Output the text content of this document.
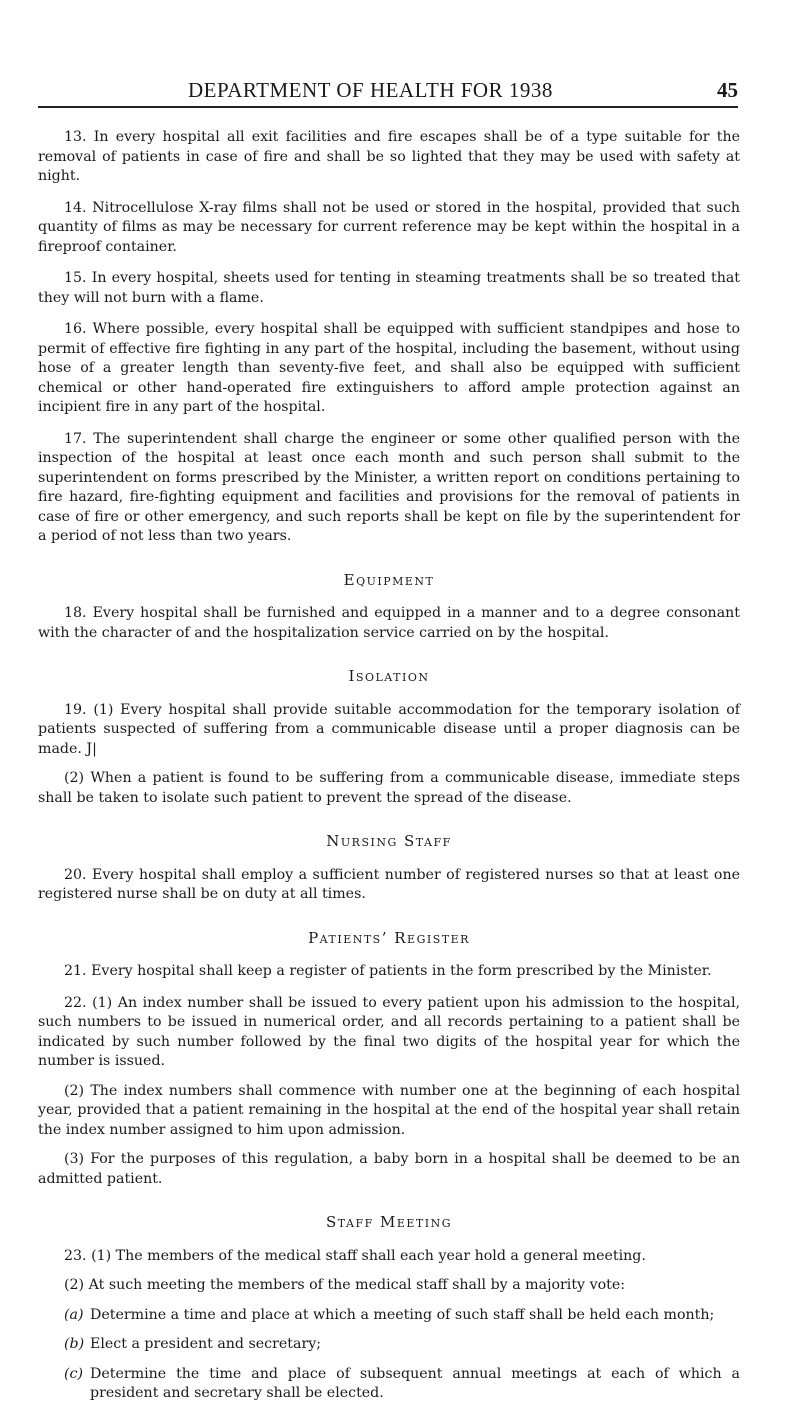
DEPARTMENT OF HEALTH FOR 1938	45

13. In every hospital all exit facilities and fire escapes shall be of a type suitable for the removal of patients in case of fire and shall be so lighted that they may be used with safety at night.

14. Nitrocellulose X-ray films shall not be used or stored in the hospital, provided that such quantity of films as may be necessary for current reference may be kept within the hospital in a fireproof container.

15. In every hospital, sheets used for tenting in steaming treatments shall be so treated that they will not burn with a flame.

16. Where possible, every hospital shall be equipped with sufficient standpipes and hose to permit of effective fire fighting in any part of the hospital, including the basement, without using hose of a greater length than seventy-five feet, and shall also be equipped with sufficient chemical or other hand-operated fire extinguishers to afford ample protection against an incipient fire in any part of the hospital.

17. The superintendent shall charge the engineer or some other qualified person with the inspection of the hospital at least once each month and such person shall submit to the superintendent on forms prescribed by the Minister, a written report on conditions pertaining to fire hazard, fire-fighting equipment and facilities and provisions for the removal of patients in case of fire or other emergency, and such reports shall be kept on file by the superintendent for a period of not less than two years.

Equipment

18. Every hospital shall be furnished and equipped in a manner and to a degree consonant with the character of and the hospitalization service carried on by the hospital.

Isolation

19. (1) Every hospital shall provide suitable accommodation for the temporary isolation of patients suspected of suffering from a communicable disease until a proper diagnosis can be made. J|

(2) When a patient is found to be suffering from a communicable disease, immediate steps shall be taken to isolate such patient to prevent the spread of the disease.

Nursing Staff

20. Every hospital shall employ a sufficient number of registered nurses so that at least one registered nurse shall be on duty at all times.

Patients’ Register

21. Every hospital shall keep a register of patients in the form prescribed by the Minister.

22. (1) An index number shall be issued to every patient upon his admission to the hospital, such numbers to be issued in numerical order, and all records pertaining to a patient shall be indicated by such number followed by the final two digits of the hospital year for which the number is issued.

(2) The index numbers shall commence with number one at the beginning of each hospital year, provided that a patient remaining in the hospital at the end of the hospital year shall retain the index number assigned to him upon admission.

(3) For the purposes of this regulation, a baby born in a hospital shall be deemed to be an admitted patient.

Staff Meeting

23. (1) The members of the medical staff shall each year hold a general meeting.

(2) At such meeting the members of the medical staff shall by a majority vote:

(a) Determine a time and place at which a meeting of such staff shall be held each month;

(b) Elect a president and secretary;

(c) Determine the time and place of subsequent annual meetings at each of which a president and secretary shall be elected.
